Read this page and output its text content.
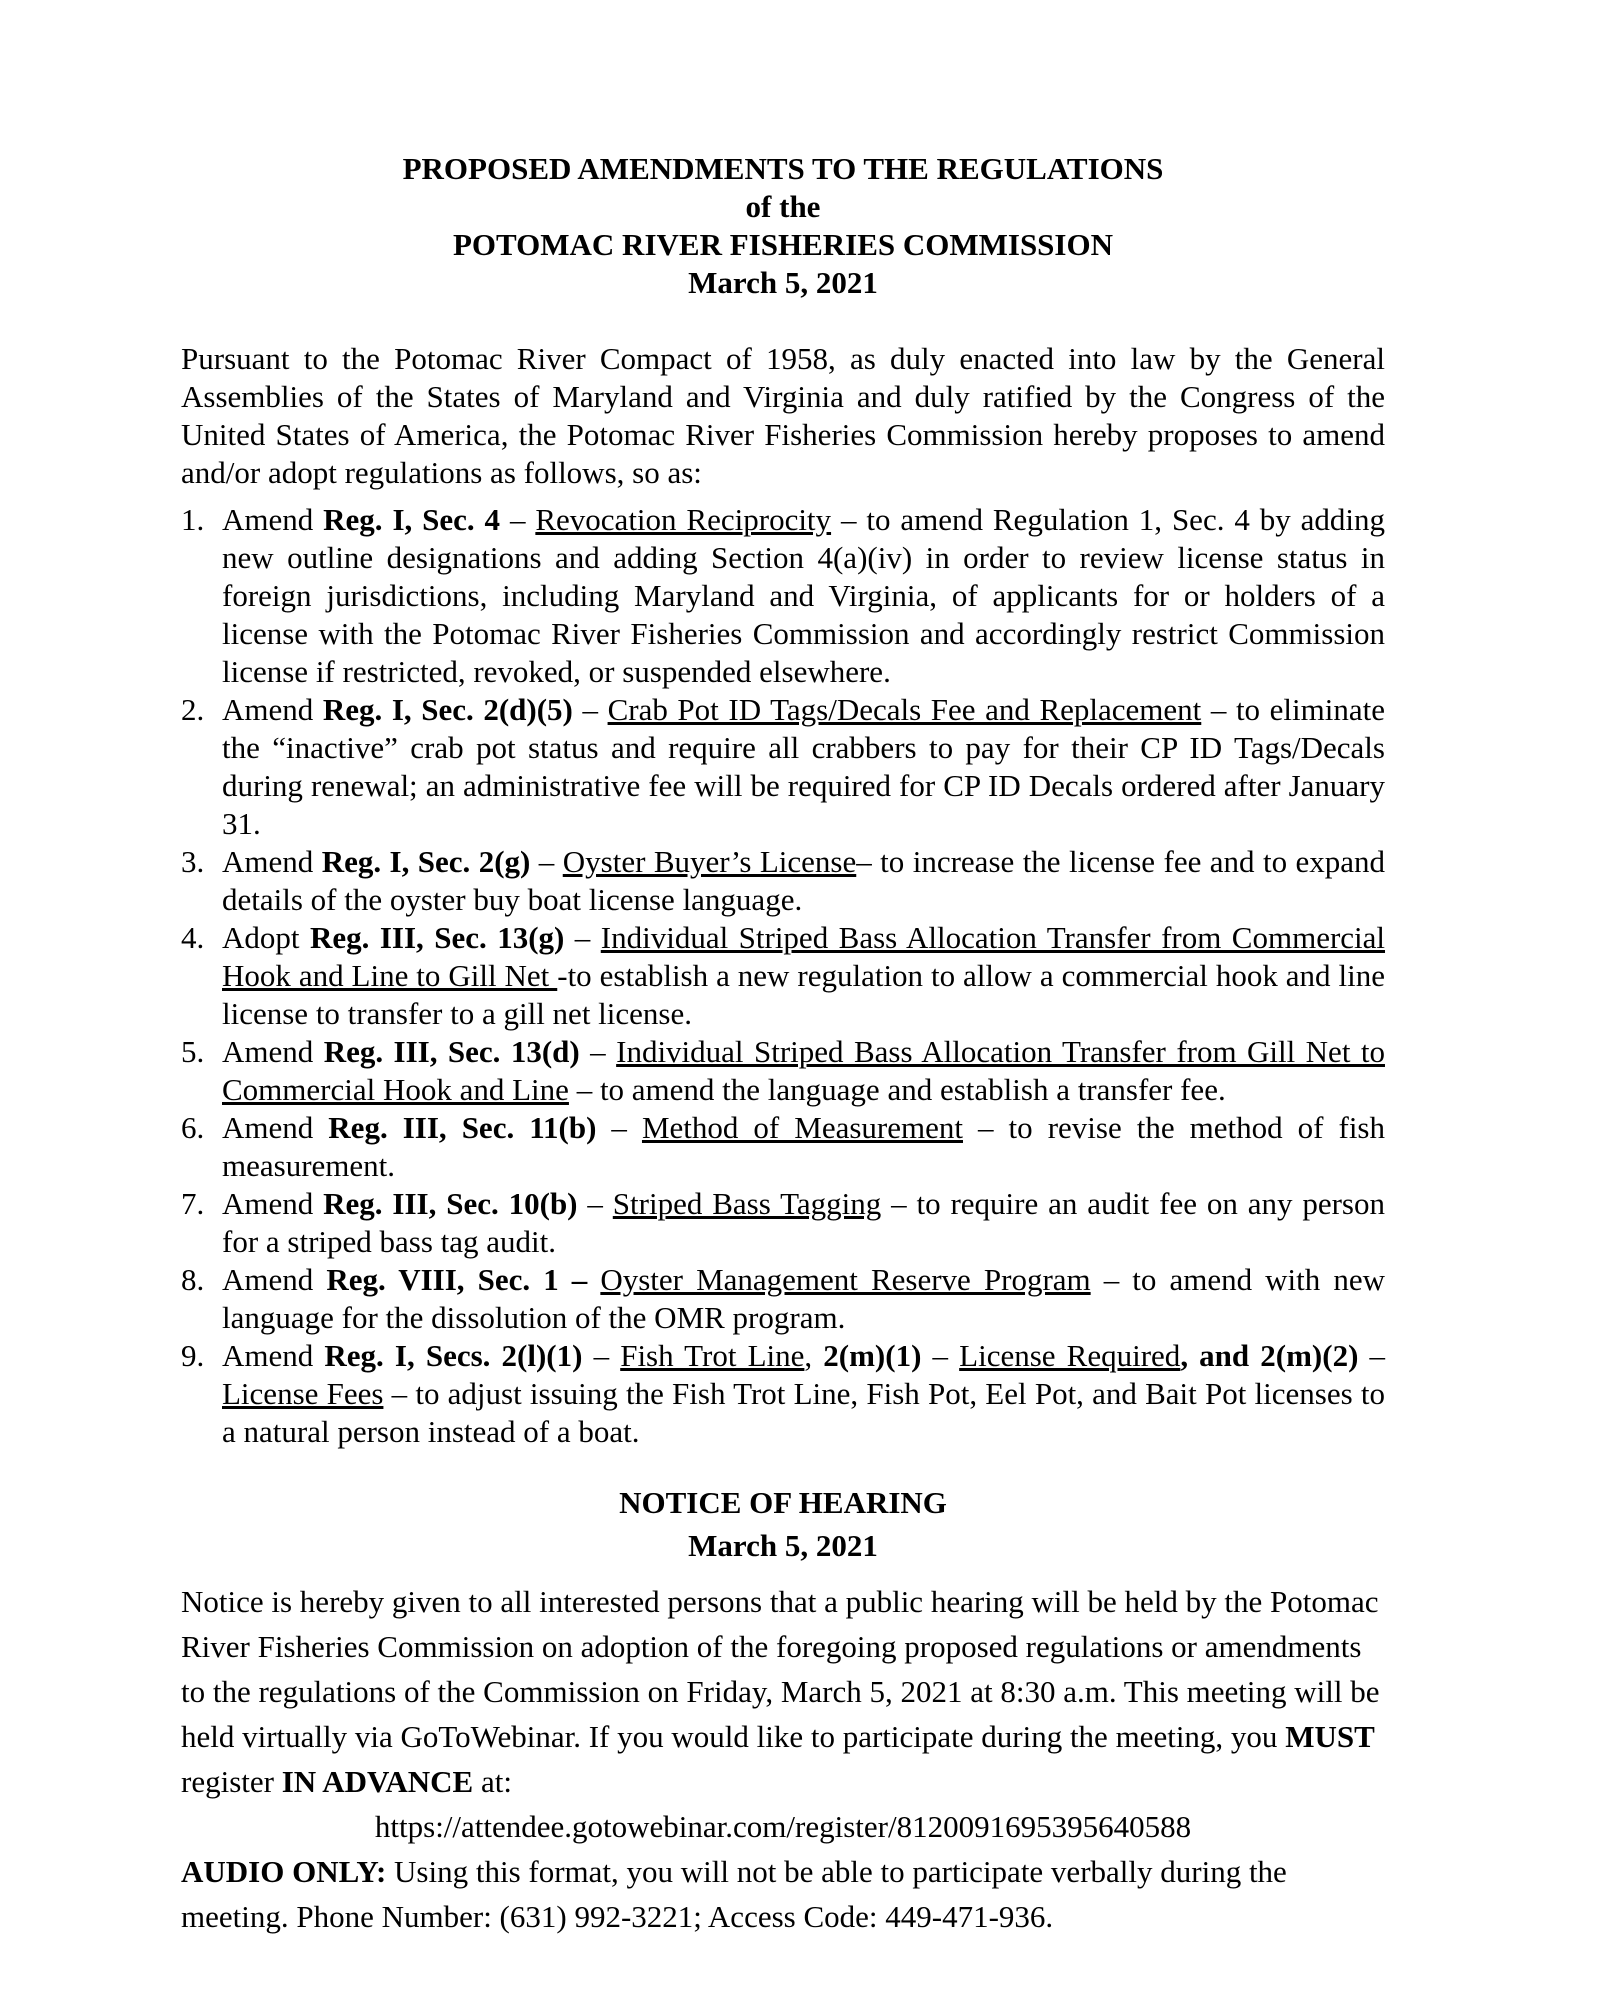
PROPOSED AMENDMENTS TO THE REGULATIONS
of the
POTOMAC RIVER FISHERIES COMMISSION
March 5, 2021

Pursuant to the Potomac River Compact of 1958, as duly enacted into law by the General Assemblies of the States of Maryland and Virginia and duly ratified by the Congress of the United States of America, the Potomac River Fisheries Commission hereby proposes to amend and/or adopt regulations as follows, so as:

1. Amend Reg. I, Sec. 4 – Revocation Reciprocity – to amend Regulation 1, Sec. 4 by adding new outline designations and adding Section 4(a)(iv) in order to review license status in foreign jurisdictions, including Maryland and Virginia, of applicants for or holders of a license with the Potomac River Fisheries Commission and accordingly restrict Commission license if restricted, revoked, or suspended elsewhere.
2. Amend Reg. I, Sec. 2(d)(5) – Crab Pot ID Tags/Decals Fee and Replacement – to eliminate the “inactive” crab pot status and require all crabbers to pay for their CP ID Tags/Decals during renewal; an administrative fee will be required for CP ID Decals ordered after January 31.
3. Amend Reg. I, Sec. 2(g) – Oyster Buyer’s License– to increase the license fee and to expand details of the oyster buy boat license language.
4. Adopt Reg. III, Sec. 13(g) – Individual Striped Bass Allocation Transfer from Commercial Hook and Line to Gill Net -to establish a new regulation to allow a commercial hook and line license to transfer to a gill net license.
5. Amend Reg. III, Sec. 13(d) – Individual Striped Bass Allocation Transfer from Gill Net to Commercial Hook and Line – to amend the language and establish a transfer fee.
6. Amend Reg. III, Sec. 11(b) – Method of Measurement – to revise the method of fish measurement.
7. Amend Reg. III, Sec. 10(b) – Striped Bass Tagging – to require an audit fee on any person for a striped bass tag audit.
8. Amend Reg. VIII, Sec. 1 – Oyster Management Reserve Program – to amend with new language for the dissolution of the OMR program.
9. Amend Reg. I, Secs. 2(l)(1) – Fish Trot Line, 2(m)(1) – License Required, and 2(m)(2) – License Fees – to adjust issuing the Fish Trot Line, Fish Pot, Eel Pot, and Bait Pot licenses to a natural person instead of a boat.
NOTICE OF HEARING
March 5, 2021

Notice is hereby given to all interested persons that a public hearing will be held by the Potomac River Fisheries Commission on adoption of the foregoing proposed regulations or amendments to the regulations of the Commission on Friday, March 5, 2021 at 8:30 a.m. This meeting will be held virtually via GoToWebinar. If you would like to participate during the meeting, you MUST register IN ADVANCE at:

https://attendee.gotowebinar.com/register/8120091695395640588

AUDIO ONLY: Using this format, you will not be able to participate verbally during the meeting. Phone Number: (631) 992-3221; Access Code: 449-471-936.
